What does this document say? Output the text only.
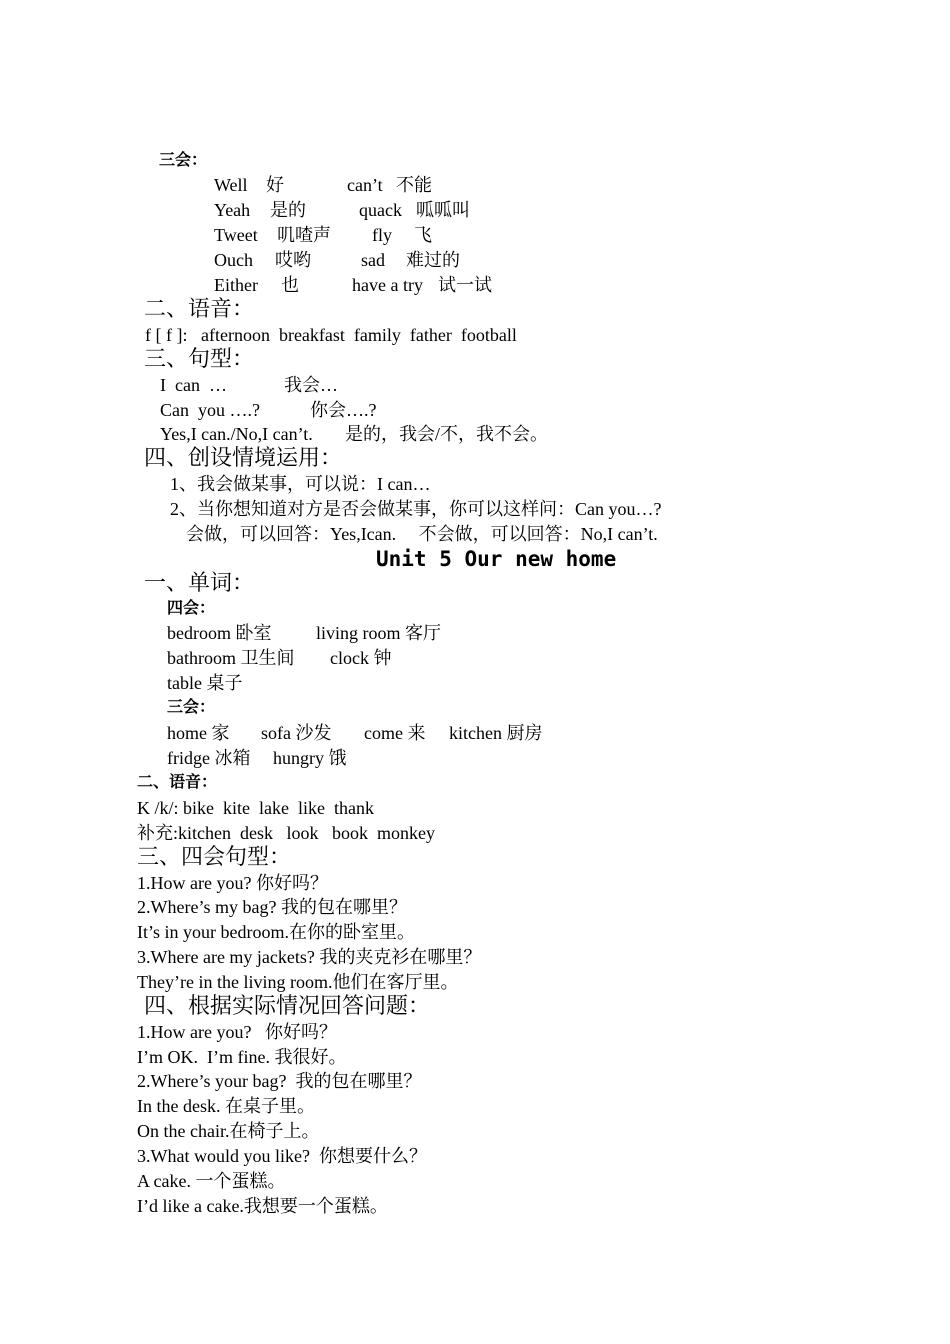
三会：
Well 好	can’t 不能
Yeah 是的	quack 呱呱叫
Tweet 叽喳声 fly 飞
Ouch 哎哟	sad 难过的
Either 也	have a try 试一试
二、语音：
f [ f ]:   afternoon  breakfast  family  father  football
三、句型：
I  can  …	我会…
Can  you ….?	你会….?
Yes,I can./No,I can’t. 是的，我会/不，我不会。
四、创设情境运用：
1、我会做某事，可以说：I can…
2、当你想知道对方是否会做某事，你可以这样问：Can you…?
会做，可以回答：Yes,Ican.     不会做，可以回答：No,I can’t.
Unit 5 Our new home
一、单词：
四会：
bedroom 卧室 living room 客厅
bathroom 卫生间 clock 钟
table 桌子
三会：
home 家 sofa 沙发 come 来 kitchen 厨房
fridge 冰箱 hungry 饿
二、语音：
K /k/: bike  kite  lake  like  thank
补充:kitchen  desk   look   book  monkey
三、四会句型：
1.How are you? 你好吗？
2.Where’s my bag? 我的包在哪里？
It’s in your bedroom.在你的卧室里。
3.Where are my jackets? 我的夹克衫在哪里？
They’re in the living room.他们在客厅里。
四、根据实际情况回答问题：
1.How are you?   你好吗？
I’m OK.  I’m fine. 我很好。
2.Where’s your bag?  我的包在哪里？
In the desk. 在桌子里。
On the chair.在椅子上。
3.What would you like?  你想要什么？
A cake. 一个蛋糕。
I’d like a cake.我想要一个蛋糕。
